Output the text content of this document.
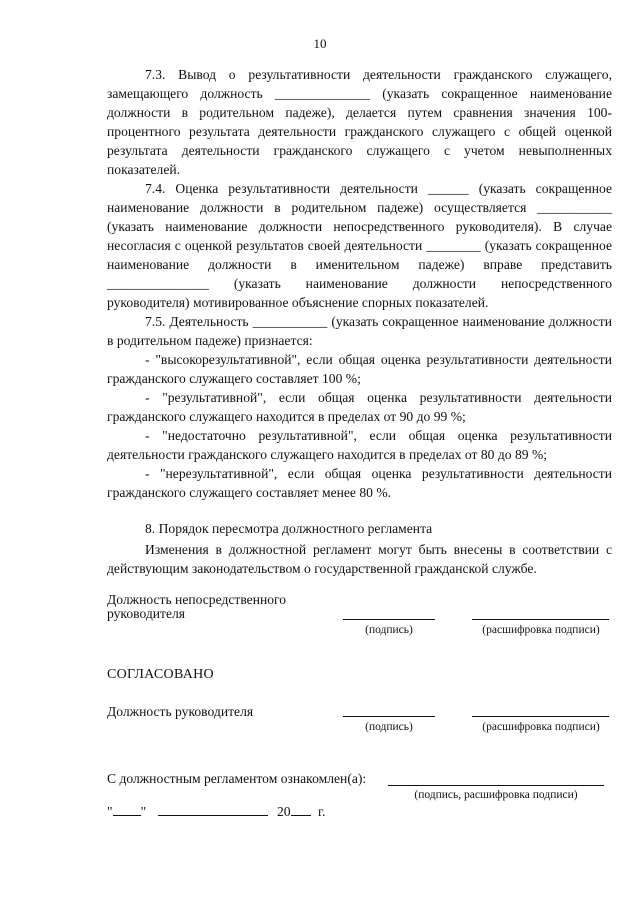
10

7.3. Вывод о результативности деятельности гражданского служащего, замещающего должность ______________ (указать сокращенное наименование должности в родительном падеже), делается путем сравнения значения 100-процентного результата деятельности гражданского служащего с общей оценкой результата деятельности гражданского служащего с учетом невыполненных показателей.

7.4. Оценка результативности деятельности ______ (указать сокращенное наименование должности в родительном падеже) осуществляется ___________ (указать наименование должности непосредственного руководителя). В случае несогласия с оценкой результатов своей деятельности ________ (указать сокращенное наименование должности в именительном падеже) вправе представить _______________ (указать наименование должности непосредственного руководителя) мотивированное объяснение спорных показателей.

7.5. Деятельность ___________ (указать сокращенное наименование должности в родительном падеже) признается:

- "высокорезультативной", если общая оценка результативности деятельности гражданского служащего составляет 100 %;

- "результативной", если общая оценка результативности деятельности гражданского служащего находится в пределах от 90 до 99 %;

- "недостаточно результативной", если общая оценка результативности деятельности гражданского служащего находится в пределах от 80 до 89 %;

- "нерезультативной", если общая оценка результативности деятельности гражданского служащего составляет менее 80 %.

8. Порядок пересмотра должностного регламента

Изменения в должностной регламент могут быть внесены в соответствии с действующим законодательством о государственной гражданской службе.

Должность непосредственного
руководителя
(подпись)	(расшифровка подписи)
СОГЛАСОВАНО
Должность руководителя
(подпись)	(расшифровка подписи)
С должностным регламентом ознакомлен(а):
(подпись, расшифровка подписи)
" "	20 г.
